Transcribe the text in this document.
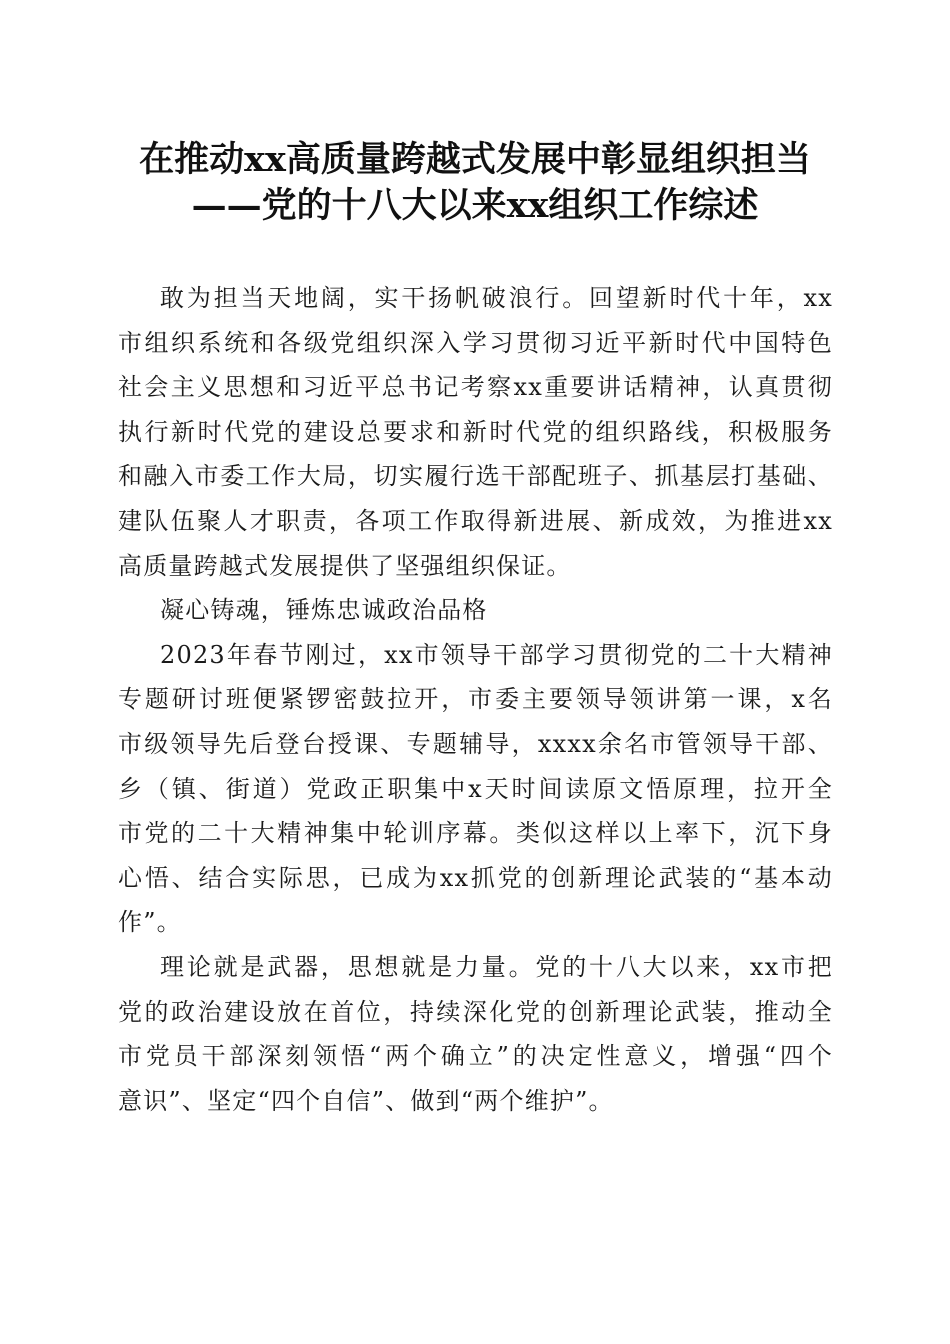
在推动xx高质量跨越式发展中彰显组织担当
——党的十八大以来xx组织工作综述
敢为担当天地阔，实干扬帆破浪行。回望新时代十年，xx
市组织系统和各级党组织深入学习贯彻习近平新时代中国特色
社会主义思想和习近平总书记考察xx重要讲话精神，认真贯彻
执行新时代党的建设总要求和新时代党的组织路线，积极服务
和融入市委工作大局，切实履行选干部配班子、抓基层打基础、
建队伍聚人才职责，各项工作取得新进展、新成效，为推进xx
高质量跨越式发展提供了坚强组织保证。
凝心铸魂，锤炼忠诚政治品格
2023年春节刚过，xx市领导干部学习贯彻党的二十大精神
专题研讨班便紧锣密鼓拉开，市委主要领导领讲第一课，x名
市级领导先后登台授课、专题辅导，xxxx余名市管领导干部、
乡（镇、街道）党政正职集中x天时间读原文悟原理，拉开全
市党的二十大精神集中轮训序幕。类似这样以上率下，沉下身
心悟、结合实际思，已成为xx抓党的创新理论武装的“基本动
作”。
理论就是武器，思想就是力量。党的十八大以来，xx市把
党的政治建设放在首位，持续深化党的创新理论武装，推动全
市党员干部深刻领悟“两个确立”的决定性意义，增强“四个
意识”、坚定“四个自信”、做到“两个维护”。
